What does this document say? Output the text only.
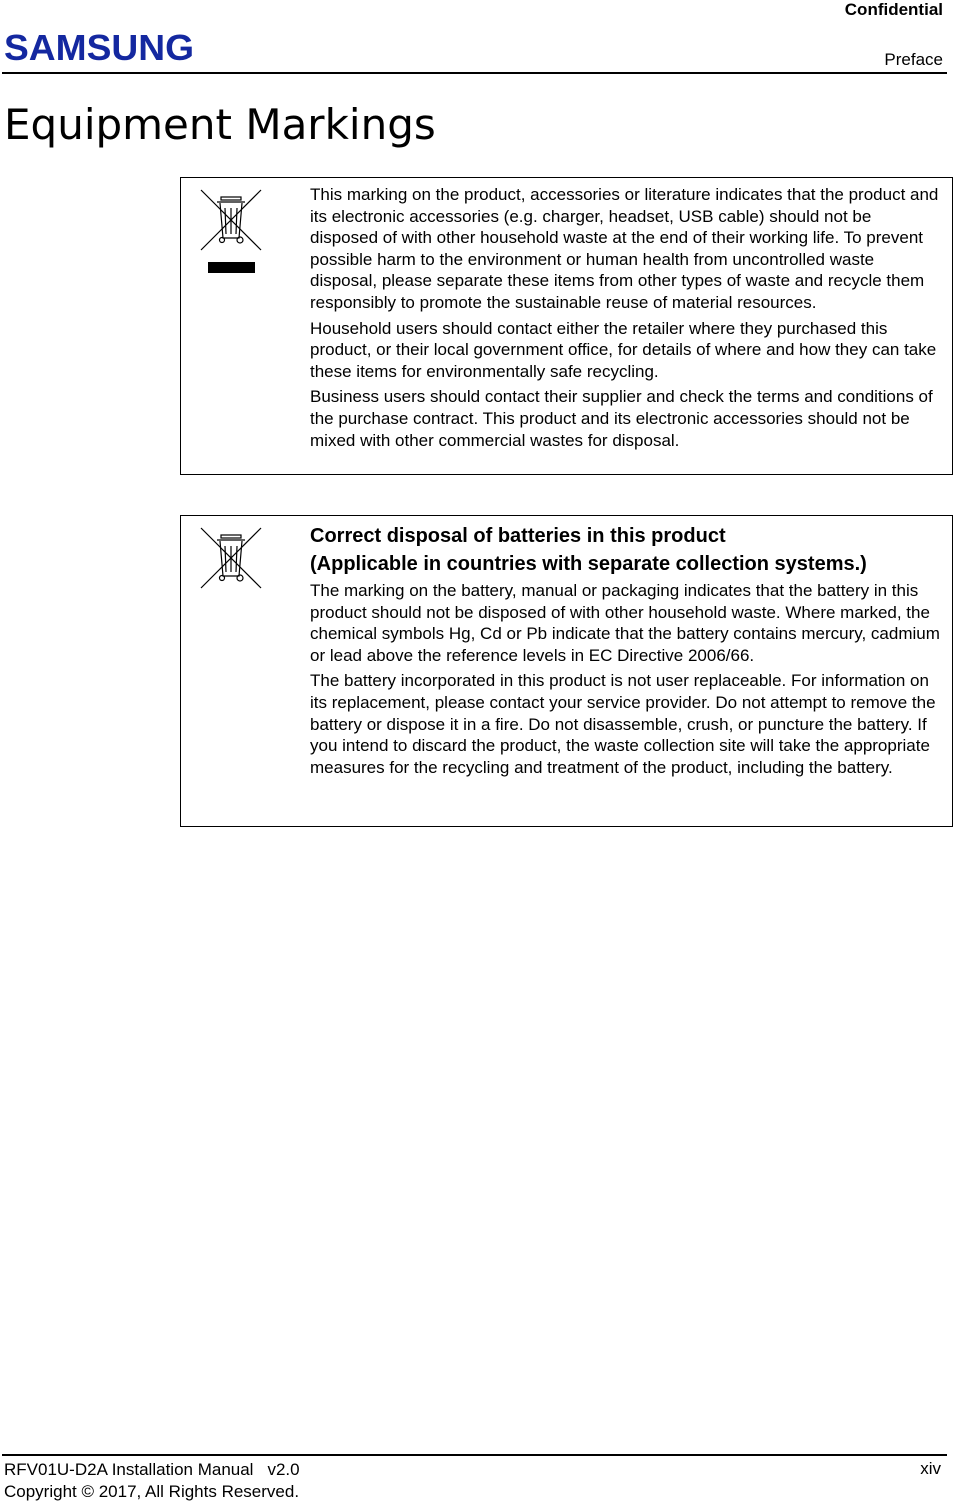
Confidential
SAMSUNG	Preface
Equipment Markings

This marking on the product, accessories or literature indicates that the product and its electronic accessories (e.g. charger, headset, USB cable) should not be disposed of with other household waste at the end of their working life. To prevent possible harm to the environment or human health from uncontrolled waste disposal, please separate these items from other types of waste and recycle them responsibly to promote the sustainable reuse of material resources.

Household users should contact either the retailer where they purchased this product, or their local government office, for details of where and how they can take these items for environmentally safe recycling.

Business users should contact their supplier and check the terms and conditions of the purchase contract. This product and its electronic accessories should not be mixed with other commercial wastes for disposal.

Correct disposal of batteries in this product
(Applicable in countries with separate collection systems.)

The marking on the battery, manual or packaging indicates that the battery in this product should not be disposed of with other household waste. Where marked, the chemical symbols Hg, Cd or Pb indicate that the battery contains mercury, cadmium or lead above the reference levels in EC Directive 2006/66.

The battery incorporated in this product is not user replaceable. For information on its replacement, please contact your service provider. Do not attempt to remove the battery or dispose it in a fire. Do not disassemble, crush, or puncture the battery. If you intend to discard the product, the waste collection site will take the appropriate measures for the recycling and treatment of the product, including the battery.

RFV01U-D2A Installation Manual v2.0
Copyright © 2017, All Rights Reserved.
xiv
